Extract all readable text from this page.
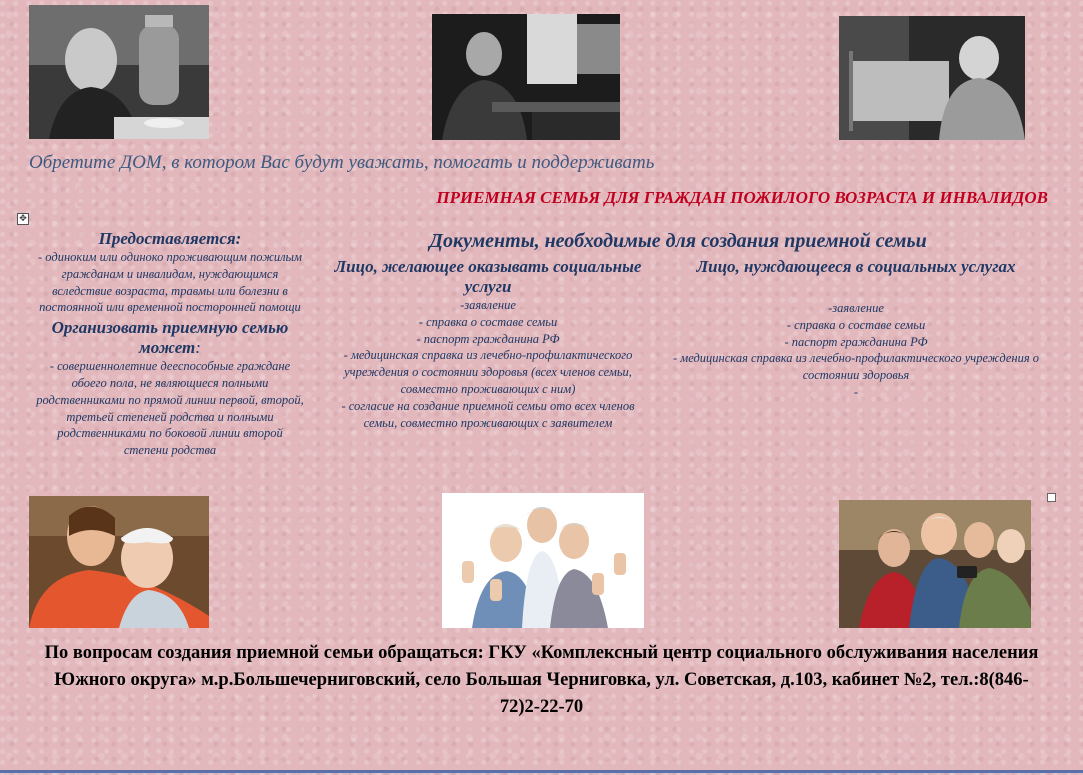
Обретите ДОМ, в котором Вас будут уважать, помогать и поддерживать
ПРИЕМНАЯ СЕМЬЯ ДЛЯ ГРАЖДАН ПОЖИЛОГО ВОЗРАСТА И ИНВАЛИДОВ
✥
Предоставляется:

- одиноким или одиноко проживающим пожилым гражданам и инвалидам, нуждающимся вследствие возраста, травмы или болезни в постоянной или временной посторонней помощи

Организовать приемную семью может:

- совершеннолетние дееспособные граждане обоего пола, не являющиеся полными родственниками по прямой линии первой, второй, третьей степеней родства и полными родственниками по боковой линии второй степени родства

Документы, необходимые для создания приемной семьи
Лицо, желающее оказывать социальные услуги

-заявление

- справка о составе семьи

- паспорт гражданина РФ

- медицинская справка из лечебно-профилактического учреждения о состоянии здоровья (всех членов семьи, совместно проживающих с ним)

- согласие на создание приемной семьи ото всех членов семьи, совместно проживающих с заявителем

Лицо, нуждающееся в социальных услугах

-заявление

- справка о составе семьи

- паспорт гражданина РФ

- медицинская справка из лечебно-профилактического учреждения о состоянии здоровья

-

По вопросам создания приемной семьи обращаться: ГКУ «Комплексный центр социального обслуживания населения Южного округа» м.р.Большечерниговский, село Большая Черниговка, ул. Советская, д.103, кабинет №2, тел.:8(846-72)2-22-70
